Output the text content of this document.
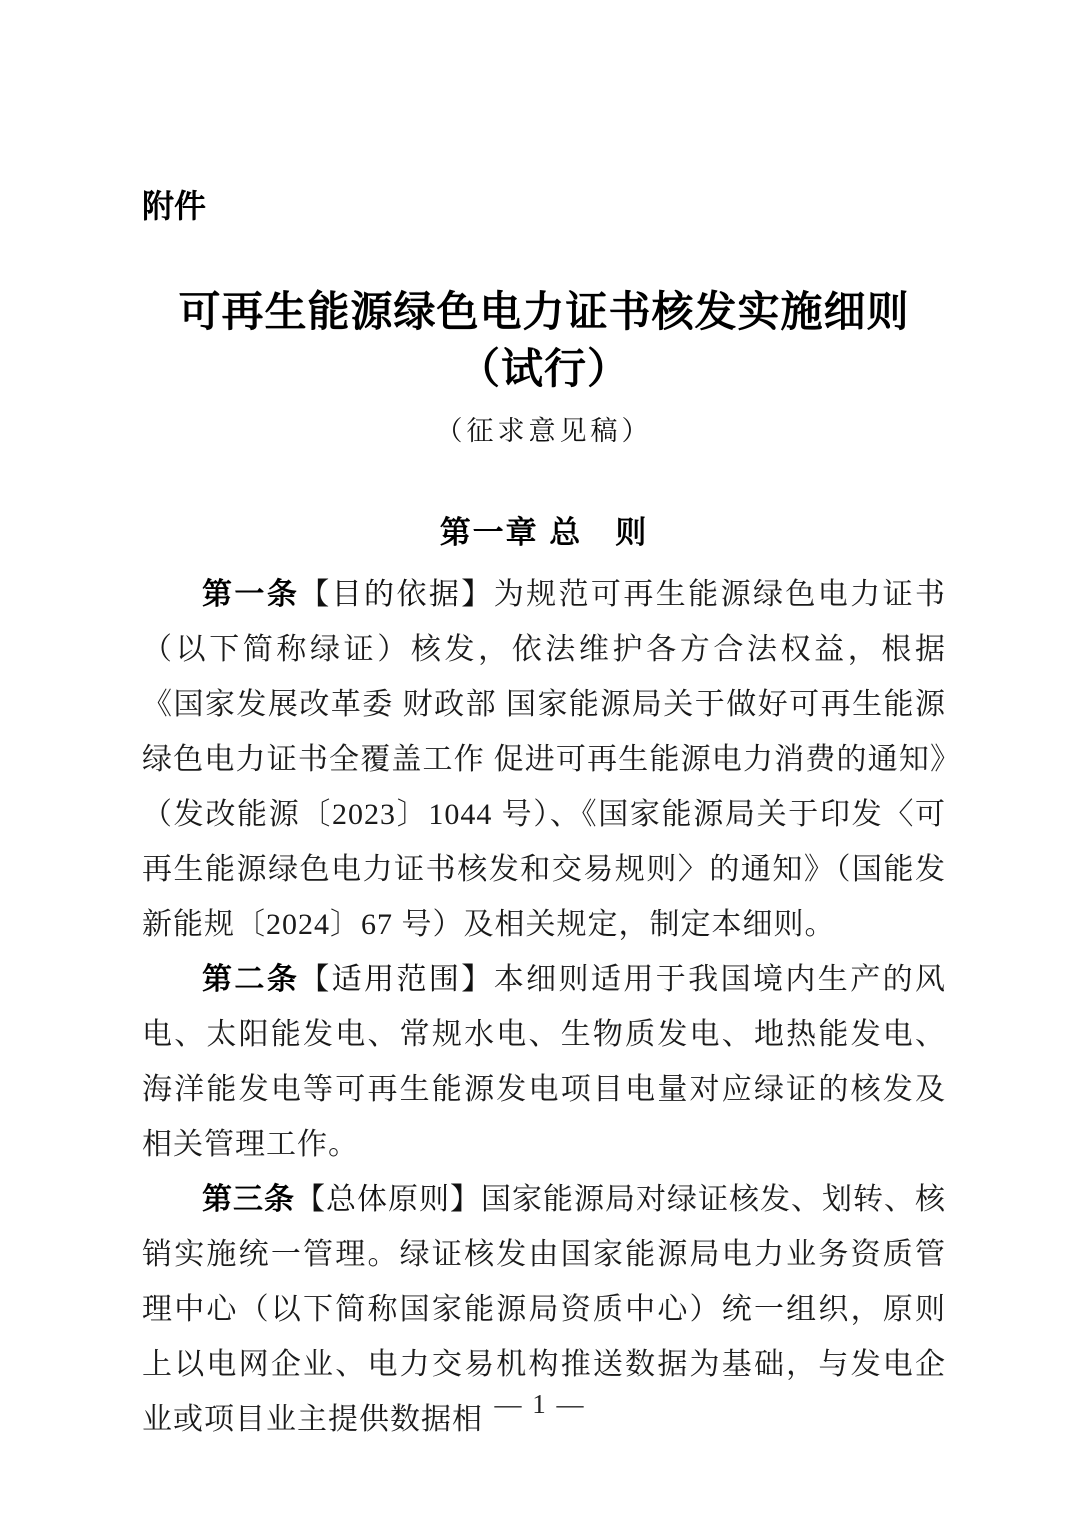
附件
可再生能源绿色电力证书核发实施细则
（试行）
（征求意见稿）
第一章 总　则

第一条【目的依据】为规范可再生能源绿色电力证书（以下简称绿证）核发，依法维护各方合法权益，根据《国家发展改革委 财政部 国家能源局关于做好可再生能源绿色电力证书全覆盖工作 促进可再生能源电力消费的通知》（发改能源〔2023〕1044 号）、《国家能源局关于印发〈可再生能源绿色电力证书核发和交易规则〉的通知》（国能发新能规〔2024〕67 号）及相关规定，制定本细则。

第二条【适用范围】本细则适用于我国境内生产的风电、太阳能发电、常规水电、生物质发电、地热能发电、海洋能发电等可再生能源发电项目电量对应绿证的核发及相关管理工作。

第三条【总体原则】国家能源局对绿证核发、划转、核销实施统一管理。绿证核发由国家能源局电力业务资质管理中心（以下简称国家能源局资质中心）统一组织，原则上以电网企业、电力交易机构推送数据为基础，与发电企业或项目业主提供数据相 — 1 —
